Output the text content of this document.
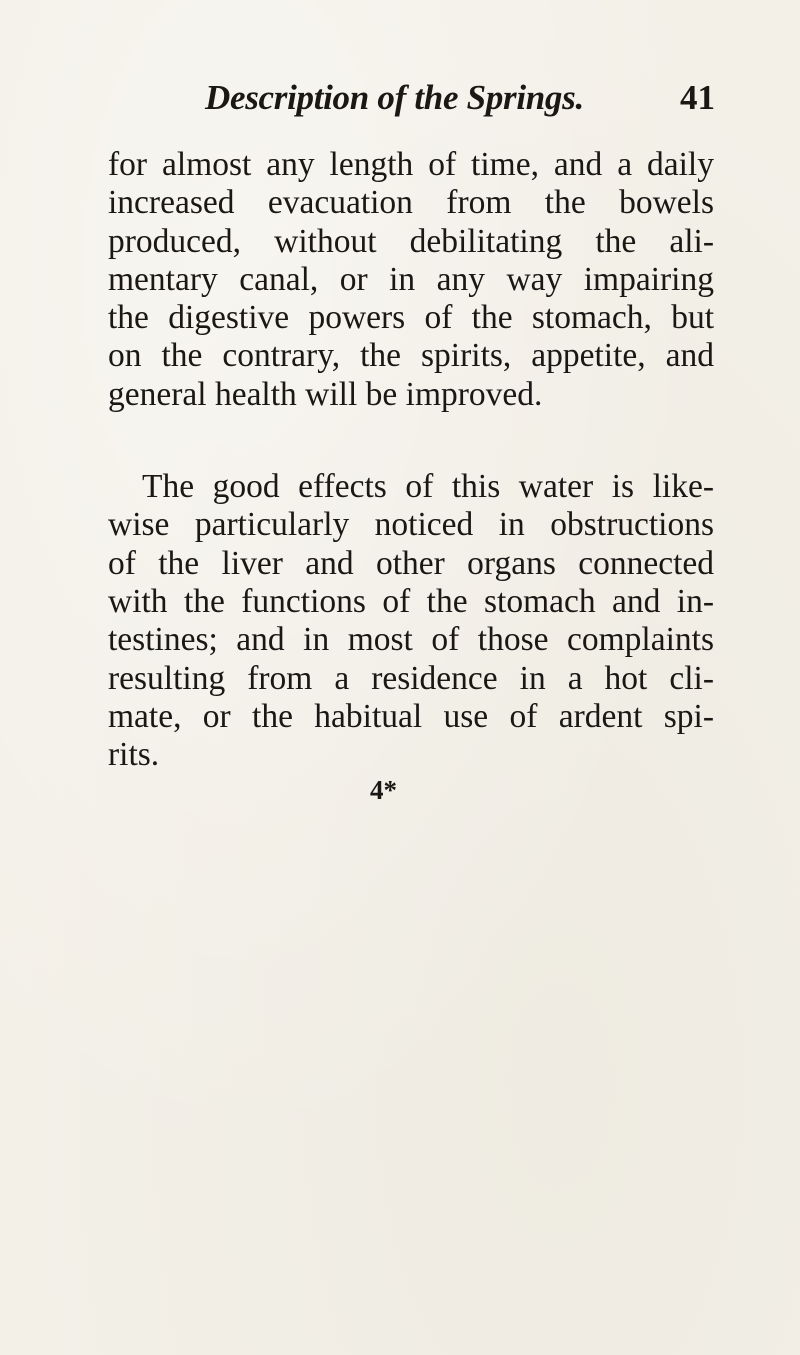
Description of the Springs.	41
for almost any length of time, and a daily
increased evacuation from the bowels
produced, without debilitating the ali-
mentary canal, or in any way impairing
the digestive powers of the stomach, but
on the contrary, the spirits, appetite, and
general health will be improved.
The good effects of this water is like-
wise particularly noticed in obstructions
of the liver and other organs connected
with the functions of the stomach and in-
testines; and in most of those complaints
resulting from a residence in a hot cli-
mate, or the habitual use of ardent spi-
rits.
4*
